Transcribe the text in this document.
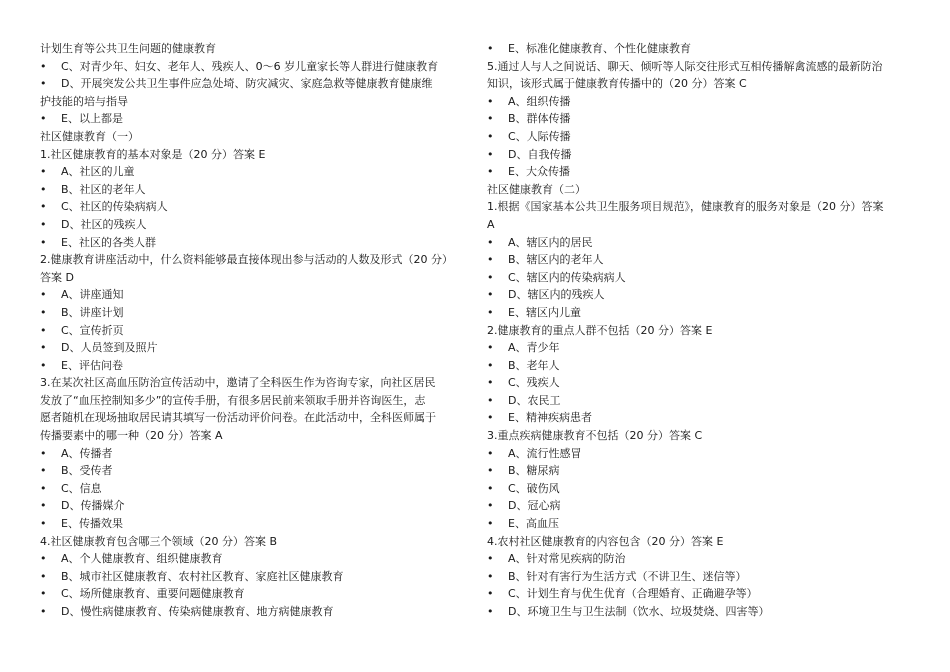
计划生育等公共卫生问题的健康教育
•	C、对青少年、妇女、老年人、残疾人、0～6 岁儿童家长等人群进行健康教育
•	D、开展突发公共卫生事件应急处埼、防灾减灾、家庭急救等健康教育健康维
护技能的培与指导
•	E、以上都是
社区健康教育（一）
1.社区健康教育的基本对象是（20 分）答案 E
•	A、社区的儿童
•	B、社区的老年人
•	C、社区的传染病病人
•	D、社区的残疾人
•	E、社区的各类人群
2.健康教育讲座活动中，什么资料能够最直接体现出参与活动的人数及形式（20 分）
答案 D
•	A、讲座通知
•	B、讲座计划
•	C、宣传折页
•	D、人员签到及照片
•	E、评估问卷
3.在某次社区高血压防治宣传活动中，邀请了全科医生作为咨询专家，向社区居民
发放了“血压控制知多少”的宣传手册，有很多居民前来领取手册并咨询医生，志
愿者随机在现场抽取居民请其填写一份活动评价问卷。在此活动中，全科医师属于
传播要素中的哪一种（20 分）答案 A
•	A、传播者
•	B、受传者
•	C、信息
•	D、传播媒介
•	E、传播效果
4.社区健康教育包含哪三个领域（20 分）答案 B
•	A、个人健康教育、组织健康教育
•	B、城市社区健康教育、农村社区教育、家庭社区健康教育
•	C、场所健康教育、重要问题健康教育
•	D、慢性病健康教育、传染病健康教育、地方病健康教育
•	E、标准化健康教育、个性化健康教育
5.通过人与人之间说话、聊天、倾听等人际交往形式互相传播解禽流感的最新防治
知识，该形式属于健康教育传播中的（20 分）答案 C
•	A、组织传播
•	B、群体传播
•	C、人际传播
•	D、自我传播
•	E、大众传播
社区健康教育（二）
1.根据《国家基本公共卫生服务项目规范》，健康教育的服务对象是（20 分）答案
A
•	A、辖区内的居民
•	B、辖区内的老年人
•	C、辖区内的传染病病人
•	D、辖区内的残疾人
•	E、辖区内儿童
2.健康教育的重点人群不包括（20 分）答案 E
•	A、青少年
•	B、老年人
•	C、残疾人
•	D、农民工
•	E、精神疾病患者
3.重点疾病健康教育不包括（20 分）答案 C
•	A、流行性感冒
•	B、糖尿病
•	C、破伤风
•	D、冠心病
•	E、高血压
4.农村社区健康教育的内容包含（20 分）答案 E
•	A、针对常见疾病的防治
•	B、针对有害行为生活方式（不讲卫生、迷信等）
•	C、计划生育与优生优育（合理婚育、正确避孕等）
•	D、环境卫生与卫生法制（饮水、垃圾焚烧、四害等）
